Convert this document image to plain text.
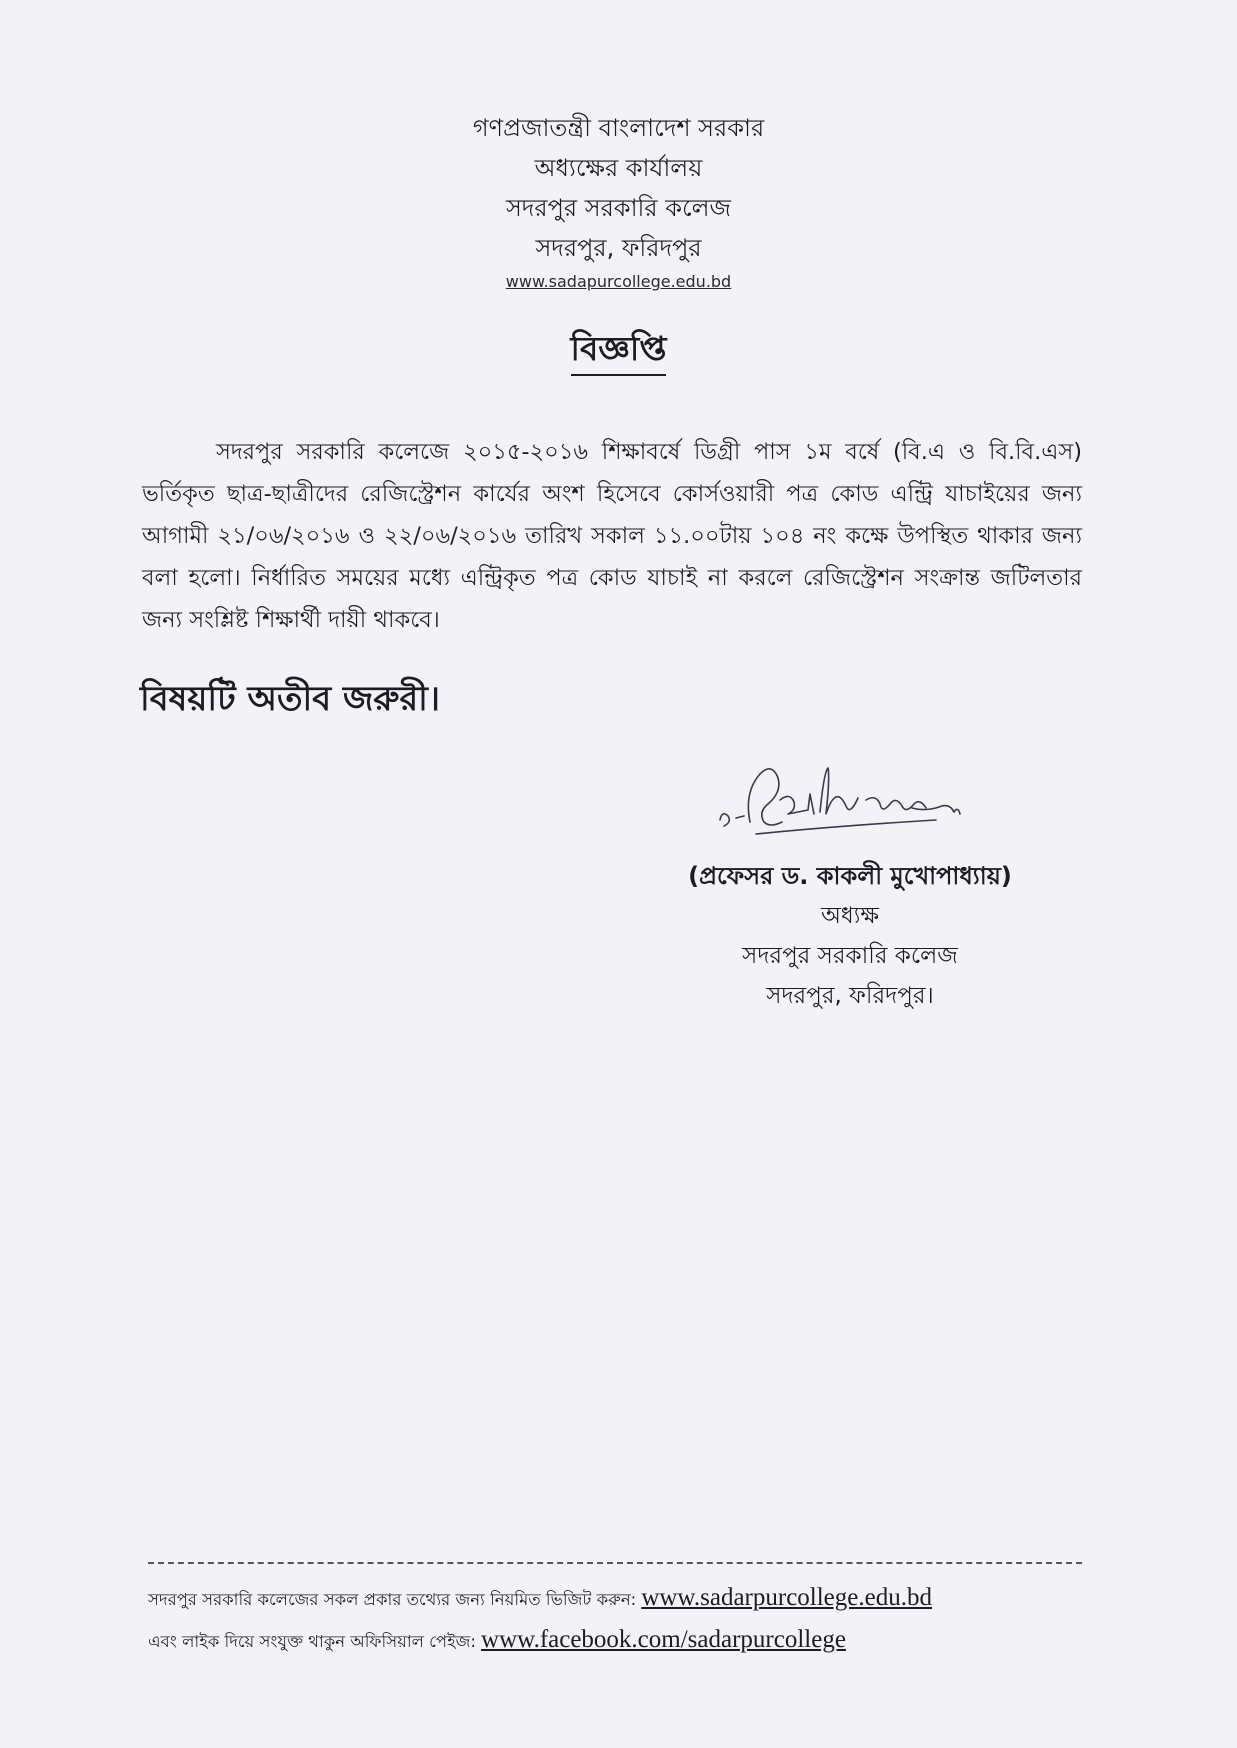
গণপ্রজাতন্ত্রী বাংলাদেশ সরকার
অধ্যক্ষের কার্যালয়
সদরপুর সরকারি কলেজ
সদরপুর, ফরিদপুর
www.sadapurcollege.edu.bd
বিজ্ঞপ্তি

সদরপুর সরকারি কলেজে ২০১৫-২০১৬ শিক্ষাবর্ষে ডিগ্রী পাস ১ম বর্ষে (বি.এ ও বি.বি.এস) ভর্তিকৃত ছাত্র-ছাত্রীদের রেজিস্ট্রেশন কার্যের অংশ হিসেবে কোর্সওয়ারী পত্র কোড এন্ট্রি যাচাইয়ের জন্য আগামী ২১/০৬/২০১৬ ও ২২/০৬/২০১৬ তারিখ সকাল ১১.০০টায় ১০৪ নং কক্ষে উপস্থিত থাকার জন্য বলা হলো। নির্ধারিত সময়ের মধ্যে এন্ট্রিকৃত পত্র কোড যাচাই না করলে রেজিস্ট্রেশন সংক্রান্ত জটিলতার জন্য সংশ্লিষ্ট শিক্ষার্থী দায়ী থাকবে।

বিষয়টি অতীব জরুরী।
(প্রফেসর ড. কাকলী মুখোপাধ্যায়)
অধ্যক্ষ
সদরপুর সরকারি কলেজ
সদরপুর, ফরিদপুর।
সদরপুর সরকারি কলেজের সকল প্রকার তথ্যের জন্য নিয়মিত ভিজিট করুন: www.sadarpurcollege.edu.bd
এবং লাইক দিয়ে সংযুক্ত থাকুন অফিসিয়াল পেইজ: www.facebook.com/sadarpurcollege
